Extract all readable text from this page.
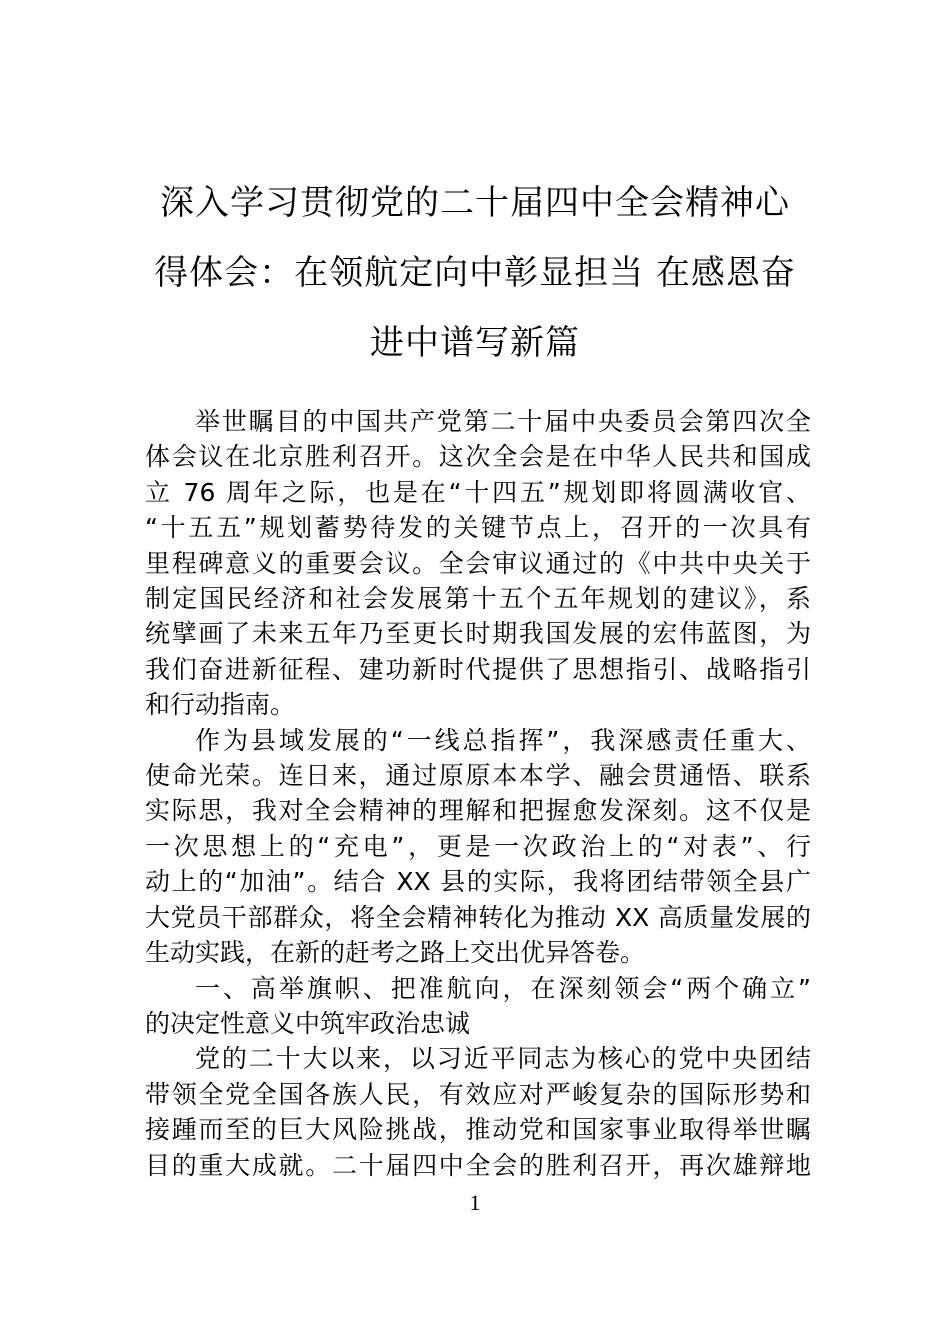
深入学习贯彻党的二十届四中全会精神心
得体会：在领航定向中彰显担当 在感恩奋
进中谱写新篇

举世瞩目的中国共产党第二十届中央委员会第四次全
体会议在北京胜利召开。这次全会是在中华人民共和国成
立 76 周年之际，也是在“十四五”规划即将圆满收官、
“十五五”规划蓄势待发的关键节点上，召开的一次具有
里程碑意义的重要会议。全会审议通过的《中共中央关于
制定国民经济和社会发展第十五个五年规划的建议》，系
统擘画了未来五年乃至更长时期我国发展的宏伟蓝图，为
我们奋进新征程、建功新时代提供了思想指引、战略指引
和行动指南。

作为县域发展的“一线总指挥”，我深感责任重大、
使命光荣。连日来，通过原原本本学、融会贯通悟、联系
实际思，我对全会精神的理解和把握愈发深刻。这不仅是
一次思想上的“充电”，更是一次政治上的“对表”、行
动上的“加油”。结合 XX 县的实际，我将团结带领全县广
大党员干部群众，将全会精神转化为推动 XX 高质量发展的
生动实践，在新的赶考之路上交出优异答卷。

一、高举旗帜、把准航向，在深刻领会“两个确立”
的决定性意义中筑牢政治忠诚

党的二十大以来，以习近平同志为核心的党中央团结
带领全党全国各族人民，有效应对严峻复杂的国际形势和
接踵而至的巨大风险挑战，推动党和国家事业取得举世瞩
目的重大成就。二十届四中全会的胜利召开，再次雄辩地

1
